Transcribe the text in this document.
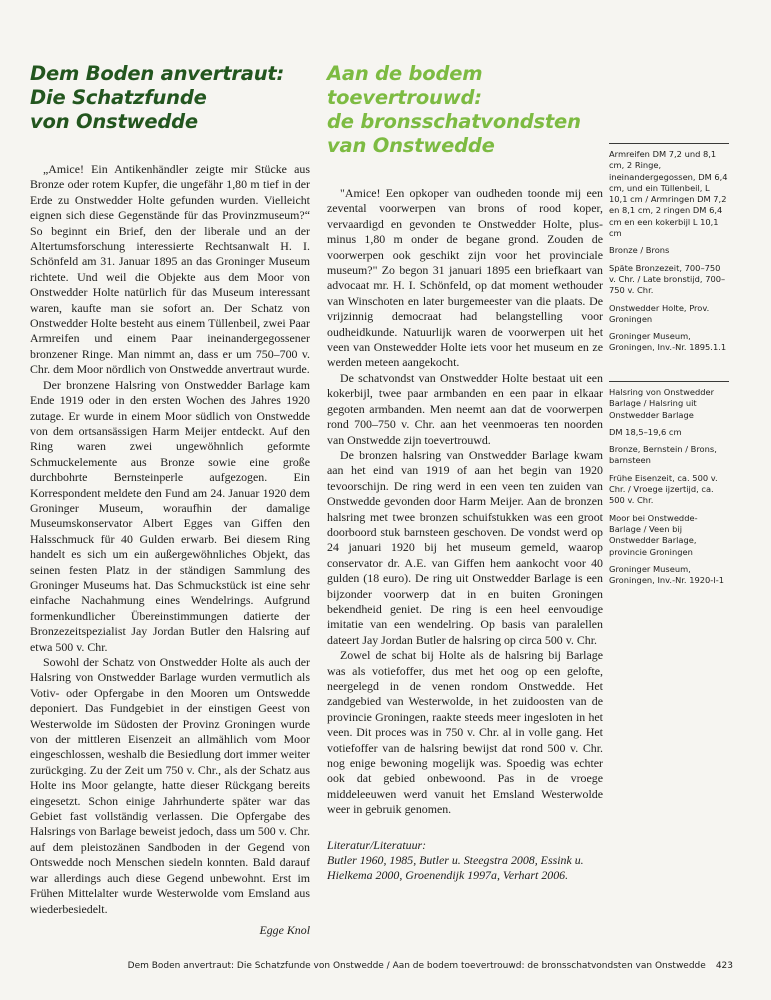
Dem Boden anvertraut:
Die Schatzfunde
von Onstwedde

„Amice! Ein Antikenhändler zeigte mir Stücke aus Bronze oder rotem Kupfer, die ungefähr 1,80 m tief in der Erde zu Onstwedder Holte gefunden wurden. Vielleicht eignen sich diese Gegenstände für das Provinzmuseum?“ So beginnt ein Brief, den der liberale und an der Altertumsforschung interessierte Rechtsanwalt H. I. Schönfeld am 31. Januar 1895 an das Groninger Museum richtete. Und weil die Objekte aus dem Moor von Onstwedder Holte natürlich für das Museum interessant waren, kaufte man sie sofort an. Der Schatz von Onstwedder Holte besteht aus einem Tüllenbeil, zwei Paar Armreifen und einem Paar ineinandergegossener bronzener Ringe. Man nimmt an, dass er um 750–700 v. Chr. dem Moor nördlich von Onstwedde anvertraut wurde.

Der bronzene Halsring von Onstwedder Barlage kam Ende 1919 oder in den ersten Wochen des Jahres 1920 zutage. Er wurde in einem Moor südlich von Onstwedde von dem ortsansässigen Harm Meijer entdeckt. Auf den Ring waren zwei ungewöhnlich geformte Schmuckelemente aus Bronze sowie eine große durchbohrte Bernsteinperle aufgezogen. Ein Korrespondent meldete den Fund am 24. Januar 1920 dem Groninger Museum, woraufhin der damalige Museumskonservator Albert Egges van Giffen den Halsschmuck für 40 Gulden erwarb. Bei diesem Ring handelt es sich um ein außergewöhnliches Objekt, das seinen festen Platz in der ständigen Sammlung des Groninger Museums hat. Das Schmuckstück ist eine sehr einfache Nachahmung eines Wendelrings. Aufgrund formenkundlicher Übereinstimmungen datierte der Bronzezeitspezialist Jay Jordan Butler den Halsring auf etwa 500 v. Chr.

Sowohl der Schatz von Onstwedder Holte als auch der Halsring von Onstwedder Barlage wurden vermutlich als Votiv- oder Opfergabe in den Mooren um Ontswedde deponiert. Das Fundgebiet in der einstigen Geest von Westerwolde im Südosten der Provinz Groningen wurde von der mittleren Eisenzeit an allmählich vom Moor eingeschlossen, weshalb die Besiedlung dort immer weiter zurückging. Zu der Zeit um 750 v. Chr., als der Schatz aus Holte ins Moor gelangte, hatte dieser Rückgang bereits eingesetzt. Schon einige Jahrhunderte später war das Gebiet fast vollständig verlassen. Die Opfergabe des Halsrings von Barlage beweist jedoch, dass um 500 v. Chr. auf dem pleistozänen Sandboden in der Gegend von Ontswedde noch Menschen siedeln konnten. Bald darauf war allerdings auch diese Gegend unbewohnt. Erst im Frühen Mittelalter wurde Westerwolde vom Emsland aus wiederbesiedelt.

Egge Knol

Aan de bodem toevertrouwd:
de bronsschatvondsten
van Onstwedde

"Amice! Een opkoper van oudheden toonde mij een zevental voorwerpen van brons of rood koper, vervaardigd en gevonden te Onstwedder Holte, plus-minus 1,80 m onder de begane grond. Zouden de voorwerpen ook geschikt zijn voor het provinciale museum?" Zo begon 31 januari 1895 een briefkaart van advocaat mr. H. I. Schönfeld, op dat moment wethouder van Winschoten en later burgemeester van die plaats. De vrijzinnig democraat had belangstelling voor oudheidkunde. Natuurlijk waren de voorwerpen uit het veen van Onstewedder Holte iets voor het museum en ze werden meteen aangekocht.

De schatvondst van Onstwedder Holte bestaat uit een kokerbijl, twee paar armbanden en een paar in elkaar gegoten armbanden. Men neemt aan dat de voorwerpen rond 700–750 v. Chr. aan het veenmoeras ten noorden van Onstwedde zijn toevertrouwd.

De bronzen halsring van Onstwedder Barlage kwam aan het eind van 1919 of aan het begin van 1920 tevoorschijn. De ring werd in een veen ten zuiden van Onstwedde gevonden door Harm Meijer. Aan de bronzen halsring met twee bronzen schuifstukken was een groot doorboord stuk barnsteen geschoven. De vondst werd op 24 januari 1920 bij het museum gemeld, waarop conservator dr. A.E. van Giffen hem aankocht voor 40 gulden (18 euro). De ring uit Onstwedder Barlage is een bijzonder voorwerp dat in en buiten Groningen bekendheid geniet. De ring is een heel eenvoudige imitatie van een wendelring. Op basis van paralellen dateert Jay Jordan Butler de halsring op circa 500 v. Chr.

Zowel de schat bij Holte als de halsring bij Barlage was als votiefoffer, dus met het oog op een gelofte, neergelegd in de venen rondom Onstwedde. Het zandgebied van Westerwolde, in het zuidoosten van de provincie Groningen, raakte steeds meer ingesloten in het veen. Dit proces was in 750 v. Chr. al in volle gang. Het votiefoffer van de halsring bewijst dat rond 500 v. Chr. nog enige bewoning mogelijk was. Spoedig was echter ook dat gebied onbewoond. Pas in de vroege middeleeuwen werd vanuit het Emsland Westerwolde weer in gebruik genomen.

Literatur/Literatuur:

Butler 1960, 1985, Butler u. Steegstra 2008, Essink u. Hielkema 2000, Groenendijk 1997a, Verhart 2006.

Armreifen DM 7,2 und 8,1 cm, 2 Ringe, ineinandergegossen, DM 6,4 cm, und ein Tüllenbeil, L 10,1 cm / Armringen DM 7,2 en 8,1 cm, 2 ringen DM 6,4 cm en een kokerbijl L 10,1 cm

Bronze / Brons

Späte Bronzezeit, 700–750 v. Chr. / Late bronstijd, 700–750 v. Chr.

Onstwedder Holte, Prov. Groningen

Groninger Museum, Groningen, Inv.-Nr. 1895.1.1

Halsring von Onstwedder Barlage / Halsring uit Onstwedder Barlage

DM 18,5–19,6 cm

Bronze, Bernstein / Brons, barnsteen

Frühe Eisenzeit, ca. 500 v. Chr. / Vroege ijzertijd, ca. 500 v. Chr.

Moor bei Onstwedde-Barlage / Veen bij Onstwedder Barlage, provincie Groningen

Groninger Museum, Groningen, Inv.-Nr. 1920-I-1

Dem Boden anvertraut: Die Schatzfunde von Onstwedde / Aan de bodem toevertrouwd: de bronsschatvondsten van Onstwedde 423
